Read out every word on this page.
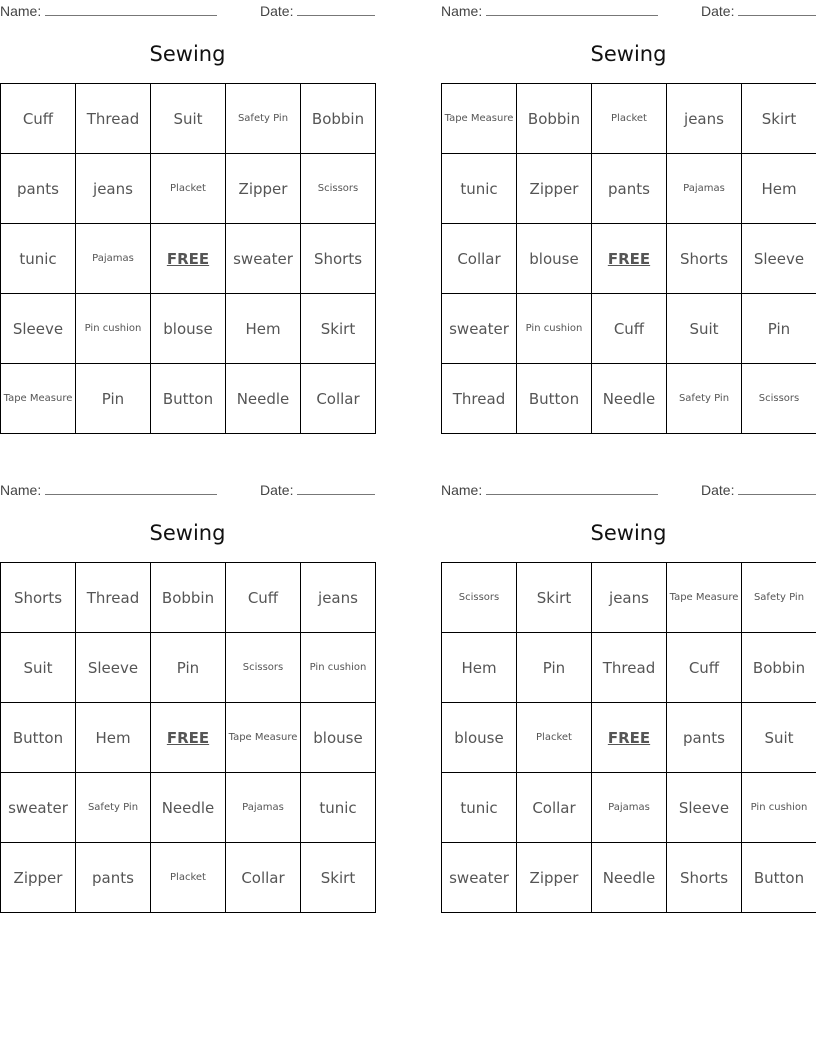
Name:	Date:
Sewing
Cuff	Thread	Suit	Safety Pin	Bobbin
pants	jeans	Placket	Zipper	Scissors
tunic	Pajamas	FREE	sweater	Shorts
Sleeve	Pin cushion	blouse	Hem	Skirt
Tape Measure	Pin	Button	Needle	Collar
Name:	Date:
Sewing
Tape Measure	Bobbin	Placket	jeans	Skirt
tunic	Zipper	pants	Pajamas	Hem
Collar	blouse	FREE	Shorts	Sleeve
sweater	Pin cushion	Cuff	Suit	Pin
Thread	Button	Needle	Safety Pin	Scissors
Name:	Date:
Sewing
Shorts	Thread	Bobbin	Cuff	jeans
Suit	Sleeve	Pin	Scissors	Pin cushion
Button	Hem	FREE	Tape Measure	blouse
sweater	Safety Pin	Needle	Pajamas	tunic
Zipper	pants	Placket	Collar	Skirt
Name:	Date:
Sewing
Scissors	Skirt	jeans	Tape Measure	Safety Pin
Hem	Pin	Thread	Cuff	Bobbin
blouse	Placket	FREE	pants	Suit
tunic	Collar	Pajamas	Sleeve	Pin cushion
sweater	Zipper	Needle	Shorts	Button
